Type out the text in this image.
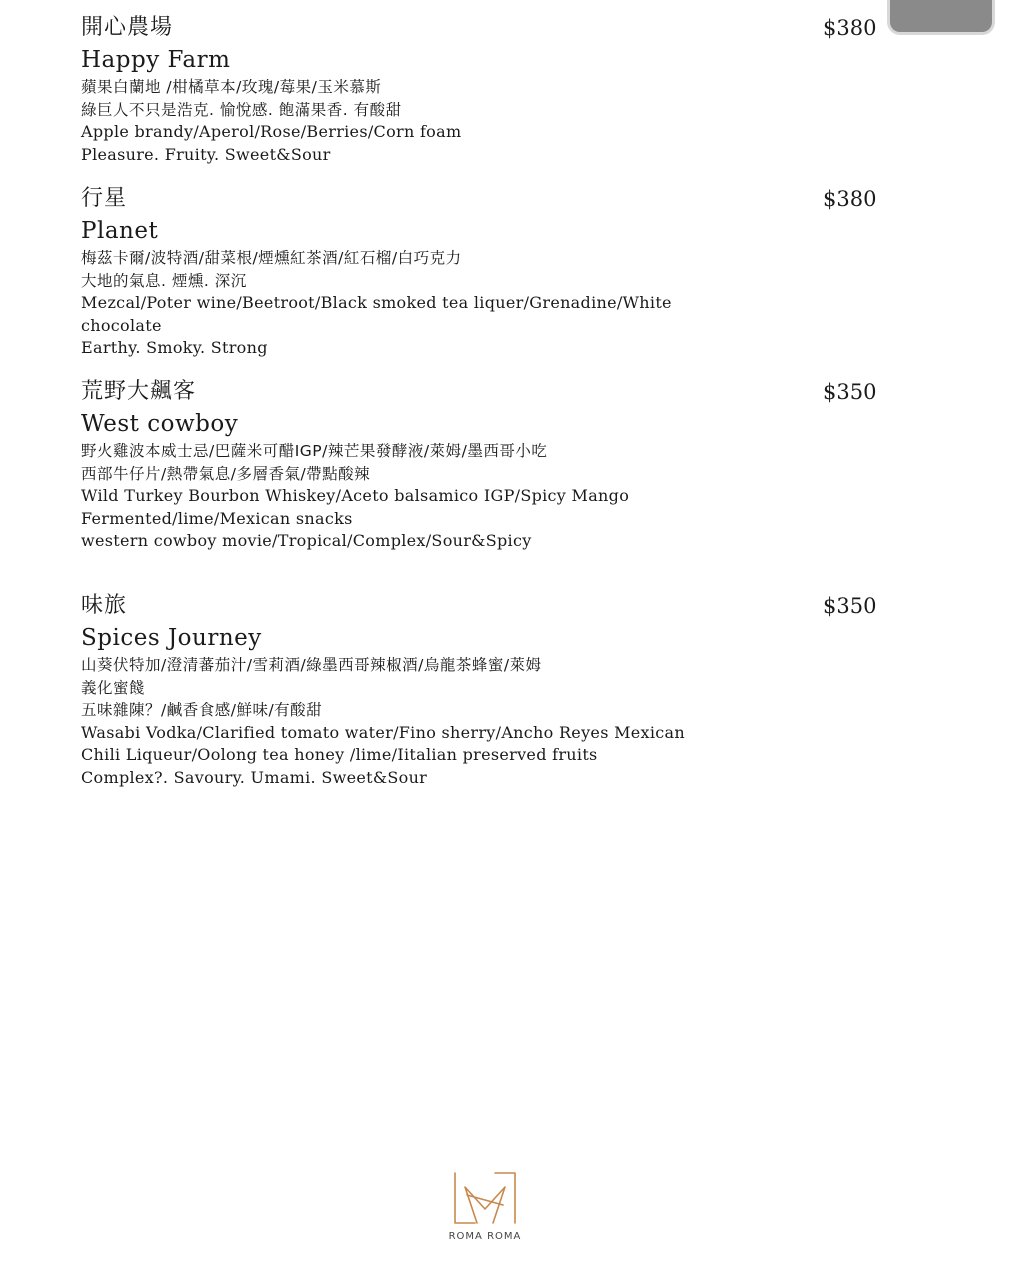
$380

開心農場

Happy Farm

蘋果白蘭地 /柑橘草本/玫瑰/莓果/玉米慕斯

綠巨人不只是浩克. 愉悅感. 飽滿果香. 有酸甜

Apple brandy/Aperol/Rose/Berries/Corn foam

Pleasure. Fruity. Sweet&Sour

$380

行星

Planet

梅茲卡爾/波特酒/甜菜根/煙燻紅茶酒/紅石榴/白巧克力

大地的氣息. 煙燻. 深沉

Mezcal/Poter wine/Beetroot/Black smoked tea liquer/Grenadine/White

chocolate

Earthy. Smoky. Strong

$350

荒野大飆客

West cowboy

野火雞波本威士忌/巴薩米可醋IGP/辣芒果發酵液/萊姆/墨西哥小吃

西部牛仔片/熱帶氣息/多層香氣/帶點酸辣

Wild Turkey Bourbon Whiskey/Aceto balsamico IGP/Spicy Mango

Fermented/lime/Mexican snacks

western cowboy movie/Tropical/Complex/Sour&Spicy

$350

味旅

Spices Journey

山葵伏特加/澄清蕃茄汁/雪莉酒/綠墨西哥辣椒酒/烏龍茶蜂蜜/萊姆

義化蜜餞

五味雜陳？/鹹香食感/鮮味/有酸甜

Wasabi Vodka/Clarified tomato water/Fino sherry/Ancho Reyes Mexican

Chili Liqueur/Oolong tea honey /lime/Iitalian preserved fruits

Complex?. Savoury. Umami. Sweet&Sour

ROMA ROMA
